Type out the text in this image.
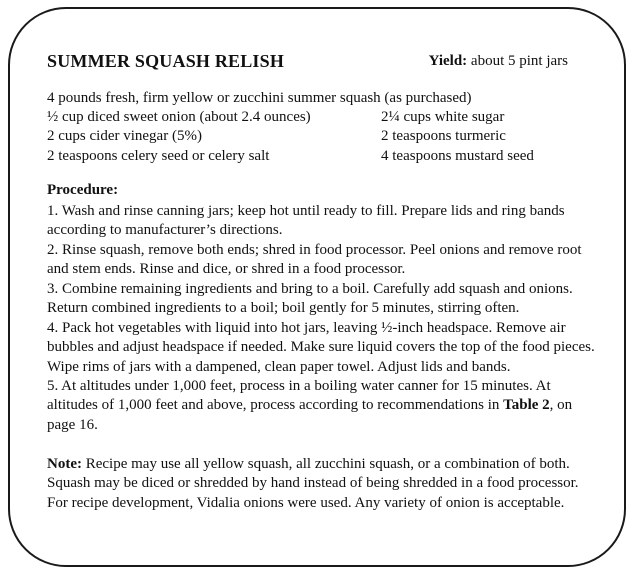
SUMMER SQUASH RELISH	Yield: about 5 pint jars
4 pounds fresh, firm yellow or zucchini summer squash (as purchased)
½ cup diced sweet onion (about 2.4 ounces)
2 cups cider vinegar (5%)
2 teaspoons celery seed or celery salt
2¼ cups white sugar
2 teaspoons turmeric
4 teaspoons mustard seed
Procedure:
1. Wash and rinse canning jars; keep hot until ready to fill. Prepare lids and ring bands according to manufacturer’s directions.
2. Rinse squash, remove both ends; shred in food processor. Peel onions and remove root and stem ends. Rinse and dice, or shred in a food processor.
3. Combine remaining ingredients and bring to a boil. Carefully add squash and onions. Return combined ingredients to a boil; boil gently for 5 minutes, stirring often.
4. Pack hot vegetables with liquid into hot jars, leaving ½-inch headspace. Remove air bubbles and adjust headspace if needed. Make sure liquid covers the top of the food pieces. Wipe rims of jars with a dampened, clean paper towel. Adjust lids and bands.
5. At altitudes under 1,000 feet, process in a boiling water canner for 15 minutes. At altitudes of 1,000 feet and above, process according to recommendations in Table 2, on page 16.
Note: Recipe may use all yellow squash, all zucchini squash, or a combination of both. Squash may be diced or shredded by hand instead of being shredded in a food processor. For recipe development, Vidalia onions were used. Any variety of onion is acceptable.
